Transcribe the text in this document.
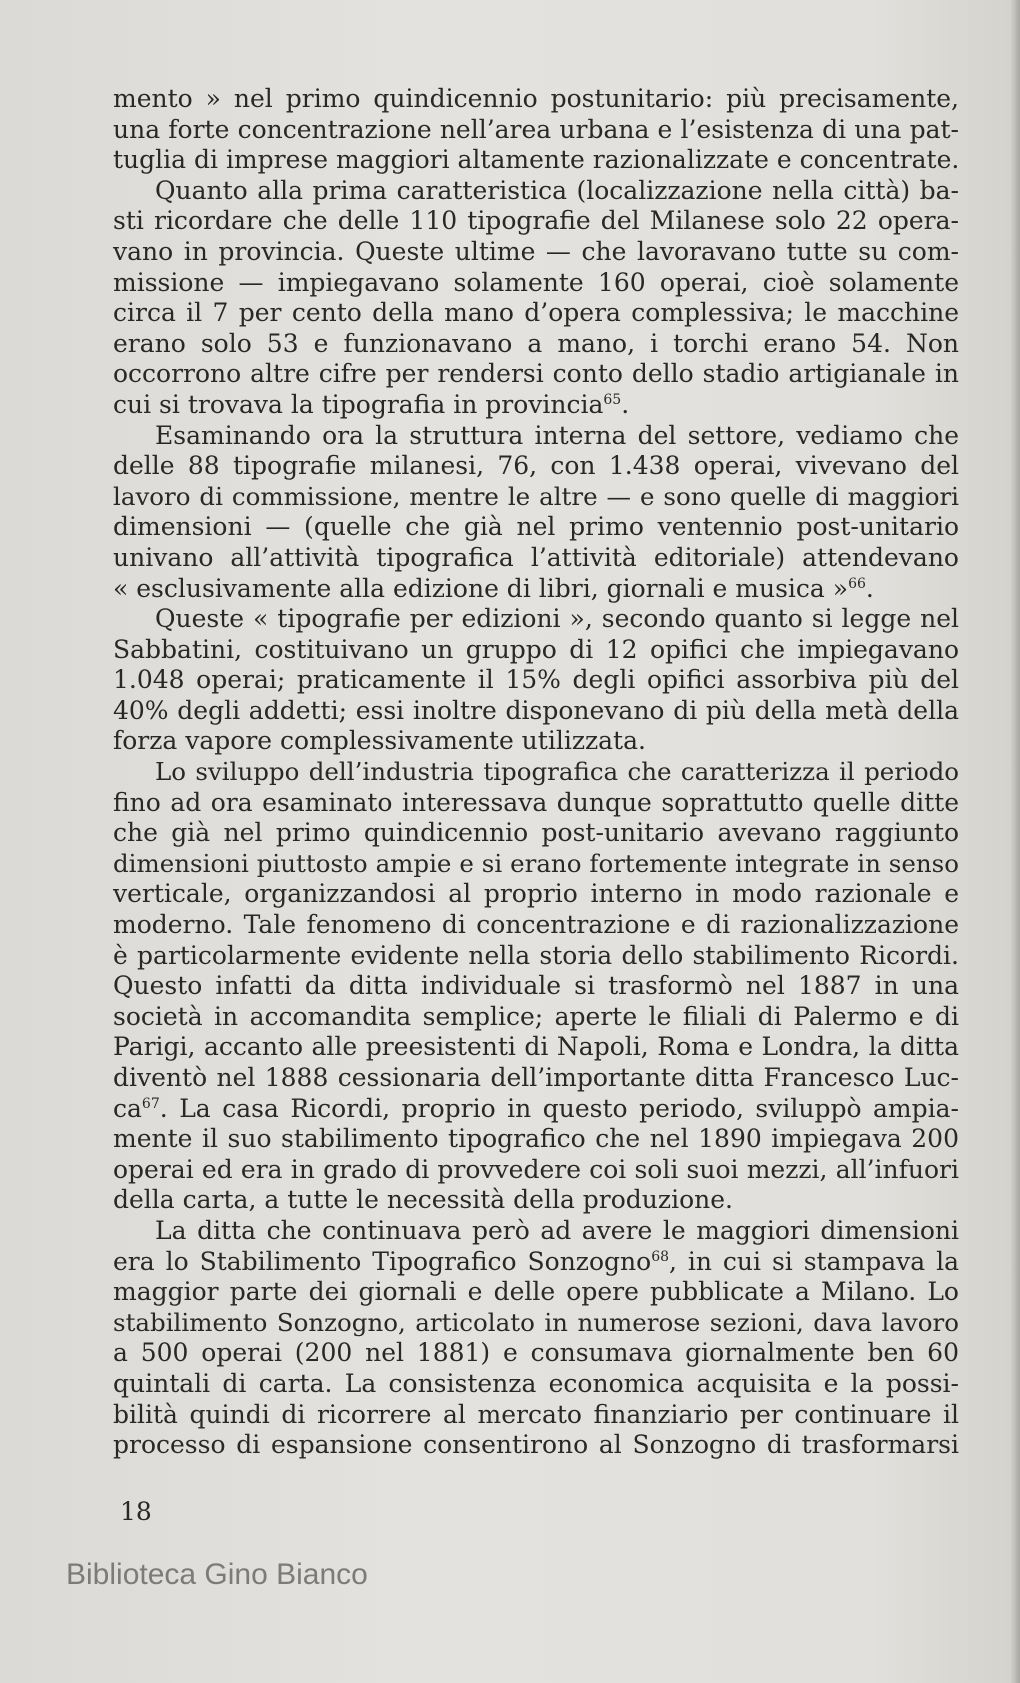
mento » nel primo quindicennio postunitario: più precisamente,
una forte concentrazione nell’area urbana e l’esistenza di una pat-
tuglia di imprese maggiori altamente razionalizzate e concentrate.
Quanto alla prima caratteristica (localizzazione nella città) ba-
sti ricordare che delle 110 tipografie del Milanese solo 22 opera-
vano in provincia. Queste ultime — che lavoravano tutte su com-
missione — impiegavano solamente 160 operai, cioè solamente
circa il 7 per cento della mano d’opera complessiva; le macchine
erano solo 53 e funzionavano a mano, i torchi erano 54. Non
occorrono altre cifre per rendersi conto dello stadio artigianale in
cui si trovava la tipografia in provincia$^{65}$.
Esaminando ora la struttura interna del settore, vediamo che
delle 88 tipografie milanesi, 76, con 1.438 operai, vivevano del
lavoro di commissione, mentre le altre — e sono quelle di maggiori
dimensioni — (quelle che già nel primo ventennio post-unitario
univano all’attività tipografica l’attività editoriale) attendevano
« esclusivamente alla edizione di libri, giornali e musica »$^{66}$.
Queste « tipografie per edizioni », secondo quanto si legge nel
Sabbatini, costituivano un gruppo di 12 opifici che impiegavano
1.048 operai; praticamente il 15% degli opifici assorbiva più del
40% degli addetti; essi inoltre disponevano di più della metà della
forza vapore complessivamente utilizzata.
Lo sviluppo dell’industria tipografica che caratterizza il periodo
fino ad ora esaminato interessava dunque soprattutto quelle ditte
che già nel primo quindicennio post-unitario avevano raggiunto
dimensioni piuttosto ampie e si erano fortemente integrate in senso
verticale, organizzandosi al proprio interno in modo razionale e
moderno. Tale fenomeno di concentrazione e di razionalizzazione
è particolarmente evidente nella storia dello stabilimento Ricordi.
Questo infatti da ditta individuale si trasformò nel 1887 in una
società in accomandita semplice; aperte le filiali di Palermo e di
Parigi, accanto alle preesistenti di Napoli, Roma e Londra, la ditta
diventò nel 1888 cessionaria dell’importante ditta Francesco Luc-
$ca^{67}$. La casa Ricordi, proprio in questo periodo, sviluppò ampia-
mente il suo stabilimento tipografico che nel 1890 impiegava 200
operai ed era in grado di provvedere coi soli suoi mezzi, all’infuori
della carta, a tutte le necessità della produzione.
La ditta che continuava però ad avere le maggiori dimensioni
era lo Stabilimento Tipografico Sonzogno$^{68}$, in cui si stampava la
maggior parte dei giornali e delle opere pubblicate a Milano. Lo
stabilimento Sonzogno, articolato in numerose sezioni, dava lavoro
a 500 operai (200 nel 1881) e consumava giornalmente ben 60
quintali di carta. La consistenza economica acquisita e la possi-
bilità quindi di ricorrere al mercato finanziario per continuare il
processo di espansione consentirono al Sonzogno di trasformarsi
18
Biblioteca Gino Bianco
